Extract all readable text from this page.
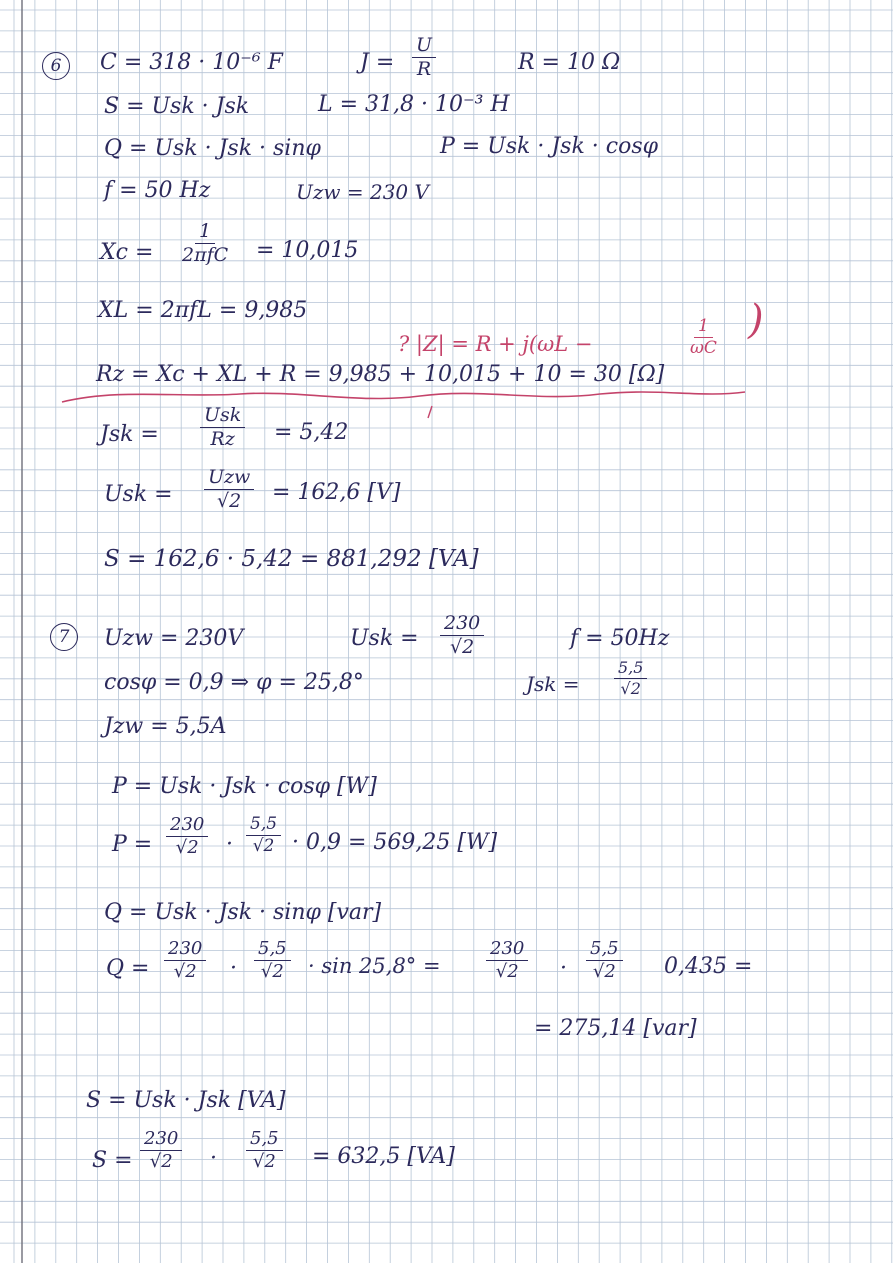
6 C = 318 · 10⁻⁶ F	$J = \frac{U}{R}$	R = 10 Ω
S = Usk · Jsk	L = 31,8 · 10⁻³ H
Q = Usk · Jsk · sinφ	P = Usk · Jsk · cosφ
f = 50 Hz	Uzw = 230 V
Xc =
1
2πfC = 10,015
XL = 2πfL = 9,985
? |Z| = R + j(ωL −	$\frac{1}{\omega C}$ )
Rz = Xc + XL + R = 9,985 + 10,015 + 10 = 30 [Ω]
Jsk =
Usk
Rz = 5,42
Usk =
Uzw
√2 = 162,6 [V]
S = 162,6 · 5,42 = 881,292 [VA]
7 Uzw = 230V	Usk = $\frac{230}{√2}$	f = 50Hz
cosφ = 0,9 ⇒ φ = 25,8°	Jsk = $\frac{5,5}{√2}$
Jzw = 5,5A
P = Usk · Jsk · cosφ [W]
$P = \frac{230}{√2} \cdot \frac{5,5}{√2} \cdot 0,9 = 569,25$ [W]
Q = Usk · Jsk · sinφ [var]
$Q = \frac{230}{√2} \cdot \frac{5,5}{√2} \cdot \sin 25,8^\circ$ =	$\frac{230}{√2} \cdot \frac{5,5}{√2} 0,435$ =
= 275,14 [var]
S = Usk · Jsk [VA]
$S = \frac{230}{√2} \cdot \frac{5,5}{√2} = 632,5$ [VA]
